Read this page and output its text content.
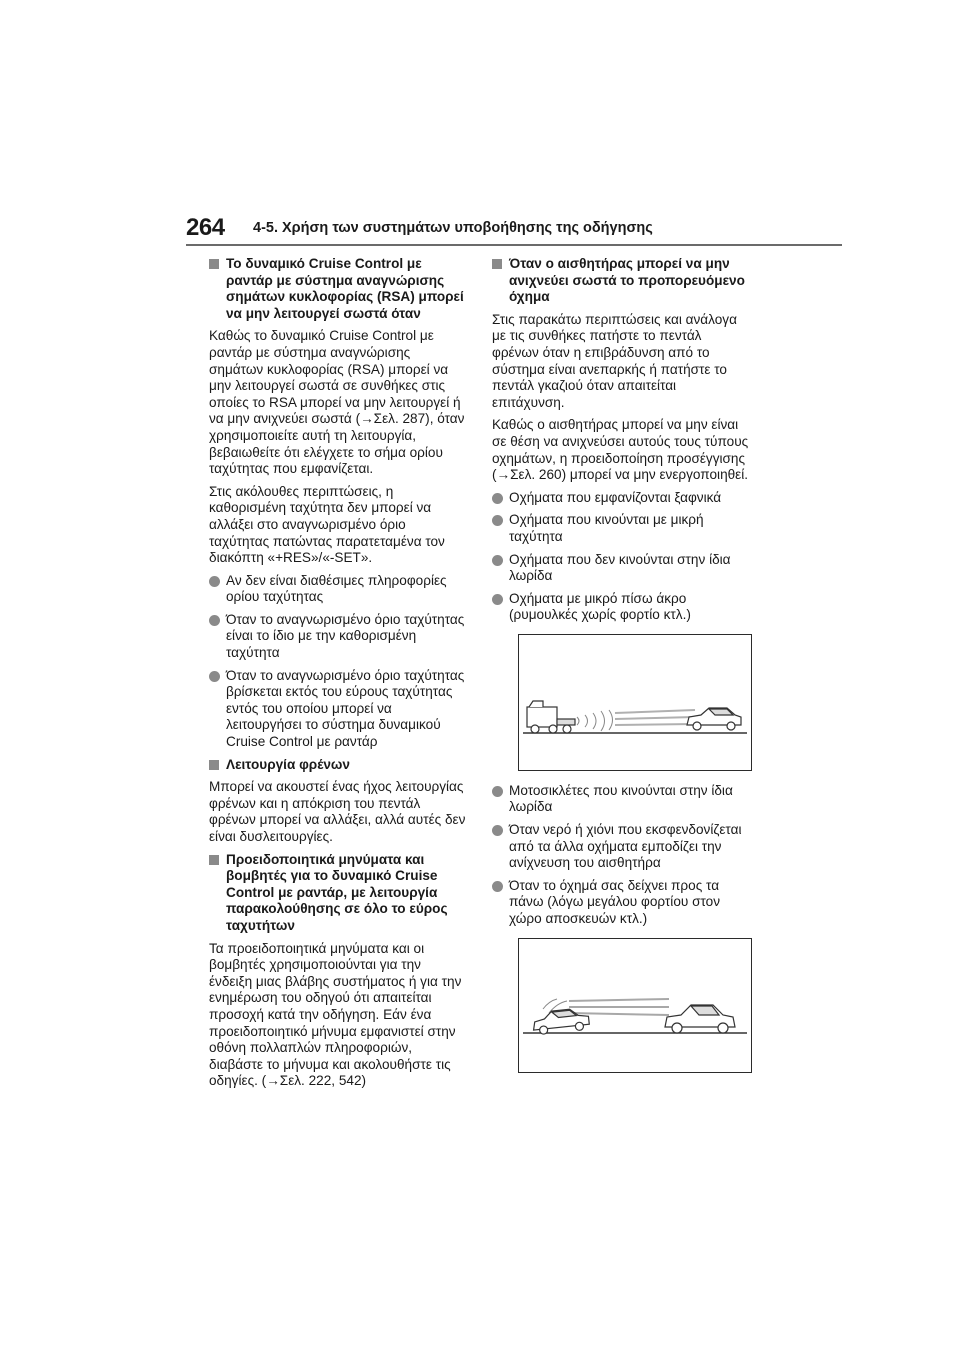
264 4-5. Χρήση των συστημάτων υποβοήθησης της οδήγησης
Το δυναμικό Cruise Control με ραντάρ με σύστημα αναγνώρισης σημάτων κυκλοφορίας (RSA) μπορεί να μην λειτουργεί σωστά όταν

Καθώς το δυναμικό Cruise Control με ραντάρ με σύστημα αναγνώρισης σημάτων κυκλοφορίας (RSA) μπορεί να μην λειτουργεί σωστά σε συνθήκες στις οποίες το RSA μπορεί να μην λειτουργεί ή να μην ανιχνεύει σωστά (→Σελ. 287), όταν χρησιμοποιείτε αυτή τη λειτουργία, βεβαιωθείτε ότι ελέγχετε το σήμα ορίου ταχύτητας που εμφανίζεται.

Στις ακόλουθες περιπτώσεις, η καθορισμένη ταχύτητα δεν μπορεί να αλλάξει στο αναγνωρισμένο όριο ταχύτητας πατώντας παρατεταμένα τον διακόπτη «+RES»/«-SET».

Αν δεν είναι διαθέσιμες πληροφορίες ορίου ταχύτητας
Όταν το αναγνωρισμένο όριο ταχύτητας είναι το ίδιο με την καθορισμένη ταχύτητα
Όταν το αναγνωρισμένο όριο ταχύτητας βρίσκεται εκτός του εύρους ταχύτητας εντός του οποίου μπορεί να λειτουργήσει το σύστημα δυναμικού Cruise Control με ραντάρ
Λειτουργία φρένων

Μπορεί να ακουστεί ένας ήχος λειτουργίας φρένων και η απόκριση του πεντάλ φρένων μπορεί να αλλάξει, αλλά αυτές δεν είναι δυσλειτουργίες.

Προειδοποιητικά μηνύματα και βομβητές για το δυναμικό Cruise Control με ραντάρ, με λειτουργία παρακολούθησης σε όλο το εύρος ταχυτήτων

Τα προειδοποιητικά μηνύματα και οι βομβητές χρησιμοποιούνται για την ένδειξη μιας βλάβης συστήματος ή για την ενημέρωση του οδηγού ότι απαιτείται προσοχή κατά την οδήγηση. Εάν ένα προειδοποιητικό μήνυμα εμφανιστεί στην οθόνη πολλαπλών πληροφοριών, διαβάστε το μήνυμα και ακολουθήστε τις οδηγίες. (→Σελ. 222, 542)

Όταν ο αισθητήρας μπορεί να μην ανιχνεύει σωστά το προπορευόμενο όχημα

Στις παρακάτω περιπτώσεις και ανάλογα με τις συνθήκες πατήστε το πεντάλ φρένων όταν η επιβράδυνση από το σύστημα είναι ανεπαρκής ή πατήστε το πεντάλ γκαζιού όταν απαιτείται επιτάχυνση.

Καθώς ο αισθητήρας μπορεί να μην είναι σε θέση να ανιχνεύσει αυτούς τους τύπους οχημάτων, η προειδοποίηση προσέγγισης (→Σελ. 260) μπορεί να μην ενεργοποιηθεί.

Οχήματα που εμφανίζονται ξαφνικά
Οχήματα που κινούνται με μικρή ταχύτητα
Οχήματα που δεν κινούνται στην ίδια λωρίδα
Οχήματα με μικρό πίσω άκρο (ρυμουλκές χωρίς φορτίο κτλ.)
Μοτοσικλέτες που κινούνται στην ίδια λωρίδα
Όταν νερό ή χιόνι που εκσφενδονίζεται από τα άλλα οχήματα εμποδίζει την ανίχνευση του αισθητήρα
Όταν το όχημά σας δείχνει προς τα πάνω (λόγω μεγάλου φορτίου στον χώρο αποσκευών κτλ.)
